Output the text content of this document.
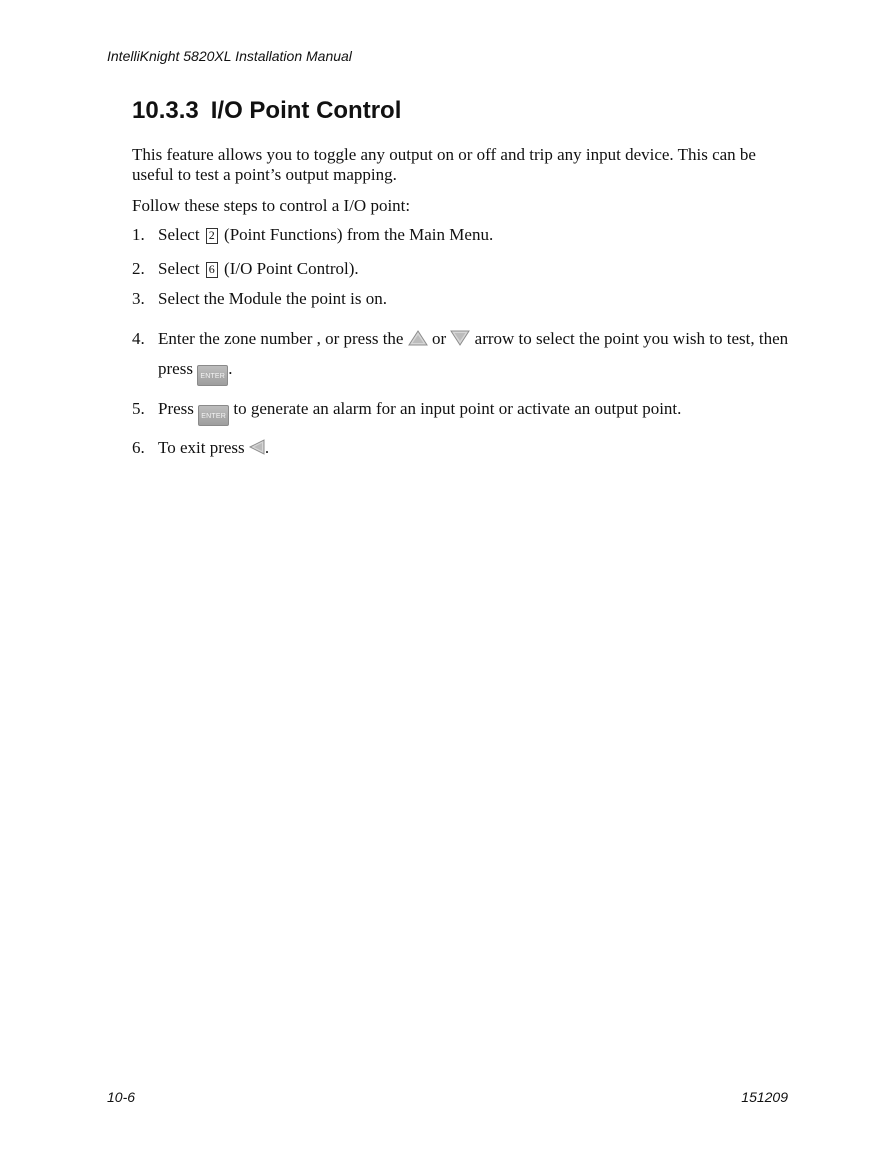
IntelliKnight 5820XL Installation Manual
10.3.3 I/O Point Control

This feature allows you to toggle any output on or off and trip any input device. This can be useful to test a point’s output mapping.

Follow these steps to control a I/O point:

1. Select 2 (Point Functions) from the Main Menu.
2. Select 6 (I/O Point Control).
3. Select the Module the point is on.
4. Enter the zone number , or press the or arrow to select the point you wish to test, then press ENTER .
5. Press ENTER to generate an alarm for an input point or activate an output point.
6. To exit press .
10-6	151209
